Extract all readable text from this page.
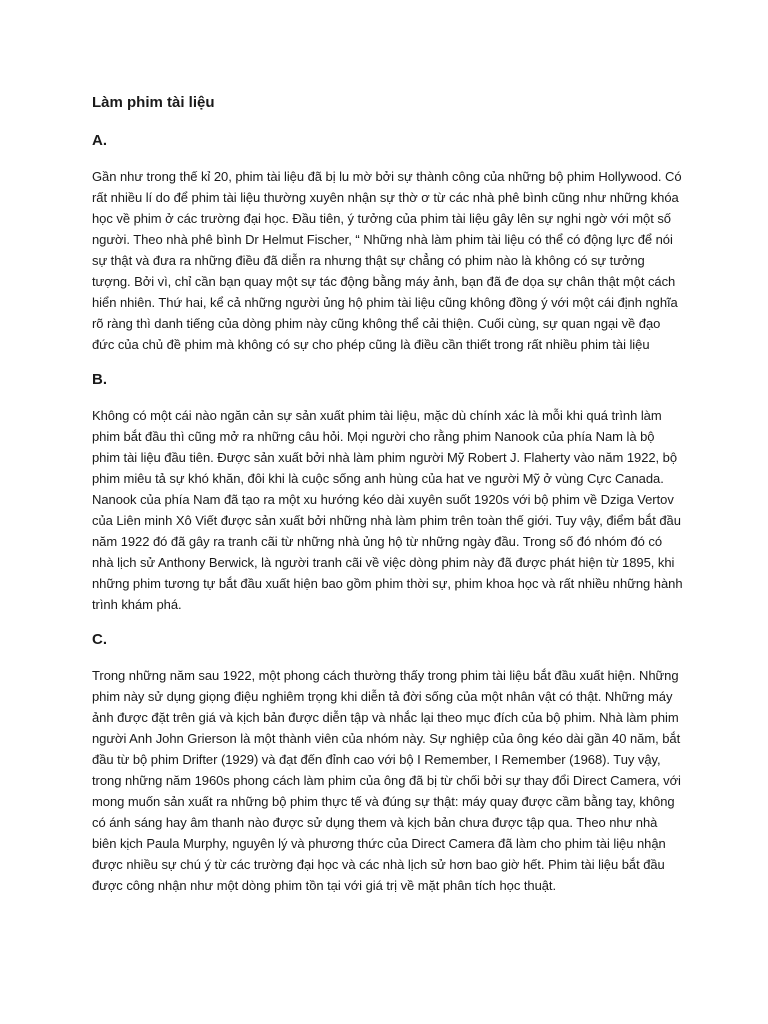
Làm phim tài liệu
A.
Gần như trong thế kỉ 20, phim tài liệu đã bị lu mờ bởi sự thành công của những bộ phim Hollywood. Có rất nhiều lí do để phim tài liệu thường xuyên nhận sự thờ ơ từ các nhà phê bình cũng như những khóa học về phim ở các trường đại học. Đầu tiên, ý tưởng của phim tài liệu gây lên sự nghi ngờ với một số người. Theo nhà phê bình Dr Helmut Fischer, “ Những nhà làm phim tài liệu có thể có động lực để nói sự thật và đưa ra những điều đã diễn ra nhưng thật sự chẳng có phim nào là không có sự tưởng tượng. Bởi vì, chỉ cần bạn quay một sự tác động bằng máy ảnh, bạn đã đe dọa sự chân thật một cách hiển nhiên. Thứ hai, kể cả những người ủng hộ phim tài liệu cũng không đồng ý với một cái định nghĩa rõ ràng thì danh tiếng của dòng phim này cũng không thể cải thiện. Cuối cùng, sự quan ngại về đạo đức của chủ đề phim mà không có sự cho phép cũng là điều cần thiết trong rất nhiều phim tài liệu
B.
Không có một cái nào ngăn cản sự sản xuất phim tài liệu, mặc dù chính xác là mỗi khi quá trình làm phim bắt đầu thì cũng mở ra những câu hỏi. Mọi người cho rằng phim Nanook của phía Nam là bộ phim tài liệu đầu tiên. Được sản xuất bởi nhà làm phim người Mỹ Robert J. Flaherty vào năm 1922, bộ phim miêu tả sự khó khăn, đôi khi là cuộc sống anh hùng của hat ve người Mỹ ở vùng Cực Canada. Nanook của phía Nam đã tạo ra một xu hướng kéo dài xuyên suốt 1920s với bộ phim về Dziga Vertov của Liên minh Xô Viết được sản xuất bởi những nhà làm phim trên toàn thế giới. Tuy vậy, điểm bắt đầu năm 1922 đó đã gây ra tranh cãi từ những nhà ủng hộ từ những ngày đầu. Trong số đó nhóm đó có nhà lịch sử Anthony Berwick, là người tranh cãi về việc dòng phim này đã được phát hiện từ 1895, khi những phim tương tự bắt đầu xuất hiện bao gồm phim thời sự, phim khoa học và rất nhiều những hành trình khám phá.
C.
Trong những năm sau 1922, một phong cách thường thấy trong phim tài liệu bắt đầu xuất hiện. Những phim này sử dụng giọng điệu nghiêm trọng khi diễn tả đời sống của một nhân vật có thật. Những máy ảnh được đặt trên giá và kịch bản được diễn tập và nhắc lại theo mục đích của bộ phim. Nhà làm phim người Anh John Grierson là một thành viên của nhóm này. Sự nghiệp của ông kéo dài gần 40 năm, bắt đầu từ bộ phim Drifter (1929) và đạt đến đỉnh cao với bộ I Remember, I Remember (1968). Tuy vậy, trong những năm 1960s phong cách làm phim của ông đã bị từ chối bởi sự thay đổi Direct Camera, với mong muốn sản xuất ra những bộ phim thực tế và đúng sự thật: máy quay được cầm bằng tay, không có ánh sáng hay âm thanh nào được sử dụng them và kịch bản chưa được tập qua. Theo như nhà biên kịch Paula Murphy, nguyên lý và phương thức của Direct Camera đã làm cho phim tài liệu nhận được nhiều sự chú ý từ các trường đại học và các nhà lịch sử hơn bao giờ hết. Phim tài liệu bắt đầu được công nhận như một dòng phim tồn tại với giá trị về mặt phân tích học thuật.
